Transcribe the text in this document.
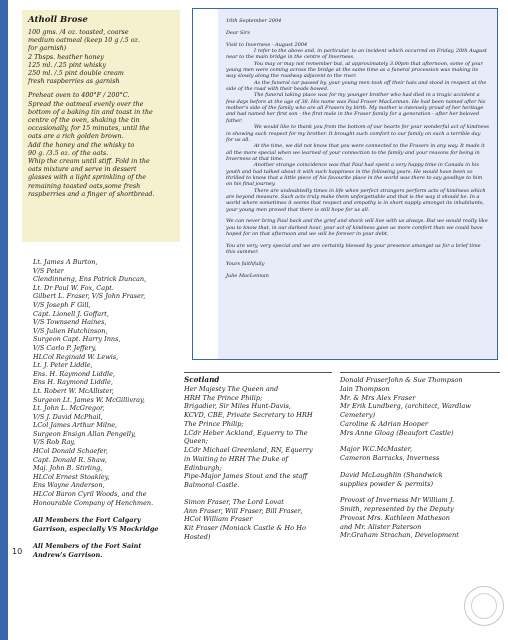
Atholl Brose
100 gms. /4 oz. toasted, coarse
medium oatmeal (keep 10 g /.5 oz.
for garnish)
2 Tbsps. heather honey
125 ml. /.25 pint whisky
250 ml. /.5 pint double cream
fresh raspberries as garnish
Preheat oven to 400°F / 200°C.
Spread the oatmeal evenly over the
bottom of a baking tin and toast in the
centre of the oven, shaking the tin
occasionally, for 15 minutes, until the
oats are a rich golden brown.
Add the honey and the whisky to
90 g. /3.5 oz. of the oats.
Whip the cream until stiff. Fold in the
oats mixture and serve in dessert
glasses with a light sprinkling of the
remaining toasted oats,some fresh
raspberries and a finger of shortbread.

10th September 2004

Dear Sirs

Visit to Inverness - August 2004

I refer to the above and, in particular, to an incident which occurred on Friday, 20th August near to the main bridge in the centre of Inverness.

You may or may not remember but, at approximately 3.00pm that afternoon, some of your young men were coming across the bridge at the same time as a funeral procession was making its way slowly along the roadway adjacent to the river.

As the funeral car passed by, your young men took off their hats and stood in respect at the side of the road with their heads bowed.

The funeral taking place was for my younger brother who had died in a tragic accident a few days before at the age of 38. His name was Paul Fraser MacLennan. He had been named after his mother's side of the family who are all Frasers by birth. My mother is intensely proud of her heritage and had named her first son - the first male in the Fraser family for a generation - after her beloved father.

We would like to thank you from the bottom of our hearts for your wonderful act of kindness in showing such respect for my brother. It brought such comfort to our family on such a terrible day for us all.

At the time, we did not know that you were connected to the Frasers in any way. It made it all the more special when we learned of your connection to the family and your reasons for being in Inverness at that time.

Another strange coincidence was that Paul had spent a very happy time in Canada in his youth and had talked about it with such happiness in the following years. He would have been so thrilled to know that a little piece of his favourite place in the world was there to say goodbye to him on his final journey.

There are undoubtedly times in life when perfect strangers perform acts of kindness which are beyond measure. Such acts truly make them unforgettable and that is the way it should be. In a world where sometimes it seems that respect and empathy is in short supply amongst its inhabitants, your young men proved that there is still hope for us all.

We can never bring Paul back and the grief and shock will live with us always. But we would really like you to know that, in our darkest hour, your act of kindness gave us more comfort than we could have hoped for on that afternoon and we will be forever in your debt.

You are very, very special and we are certainly blessed by your presence amongst us for a brief time this summer.

Yours faithfully

Julie MacLennan

Lt. James A Burton,
V/S Peter
Clendinneng, Ens Patrick Duncan,
Lt. Dr Paul W. Fox, Capt.
Gilbert L. Fraser, V/S John Fraser,
V/S Joseph F Gill,
Capt. Lionell J. Goffart,
V/S Townsend Haines,
V/S Julien Hutchinson,
Surgeon Capt. Harry Inns,
V/S Carlo P. Jeffery,
HLCol Reginald W. Lewis,
Lt. J. Peter Liddle,
Ens. H. Raymond Liddle,
Ens H. Raymond Liddle,
Lt. Robert W. McAllister,
Surgeon Lt. James W. McGillivray,
Lt. John L. McGregor,
V/S J. David McPhail,
LCol James Arthur Milne,
Surgeon Ensign Allan Pengelly,
V/S Rob Ray,
HCol Donald Schaefer,
Capt. Donald R. Shaw,
Maj. John B. Stirling,
HLCol Ernest Stoakley,
Ens Wayne Anderson,
HLCol Baron Cyril Woods, and the
Honourable Company of Henchmen.
All Members the Fort Calgary
Garrison, especially VS Mockridge
All Members of the Fort Saint
Andrew's Garrison.
10
Scotland
Her Majesty The Queen and
HRH The Prince Philip;
Brigadier, Sir Miles Hunt-Davis,
KCVD, CBE, Private Secretary to HRH
The Prince Philip;
LCdr Heber Ackland, Equerry to The
Queen;
LCdr Michael Greenland, RN, Equerry
in Waiting to HRH The Duke of
Edinburgh;
Pipe-Major James Stout and the staff
Balmoral Castle.
Simon Fraser, The Lord Lovat
Ann Fraser, Will Fraser, Bill Fraser,
HCol William Fraser
Kit Fraser (Moniack Castle & Ho Ho
Hosted)
Donald FraserJohn & Sue Thompson
Iain Thompson
Mr. & Mrs Alex Fraser
Mr Erik Lundberg, (architect, Wardlaw
Cemetery)
Caroline & Adrian Hooper
Mrs Anne Gloag (Beaufort Castle)
Major W.C.McMaster,
Cameron Barracks, Inverness
David McLaughlin (Shandwick
supplies powder & permits)
Provost of Inverness Mr William J.
Smith, represented by the Deputy
Provost Mrs. Kathleen Matheson
and Mr. Alister Paterson
Mr.Graham Strachan, Development
